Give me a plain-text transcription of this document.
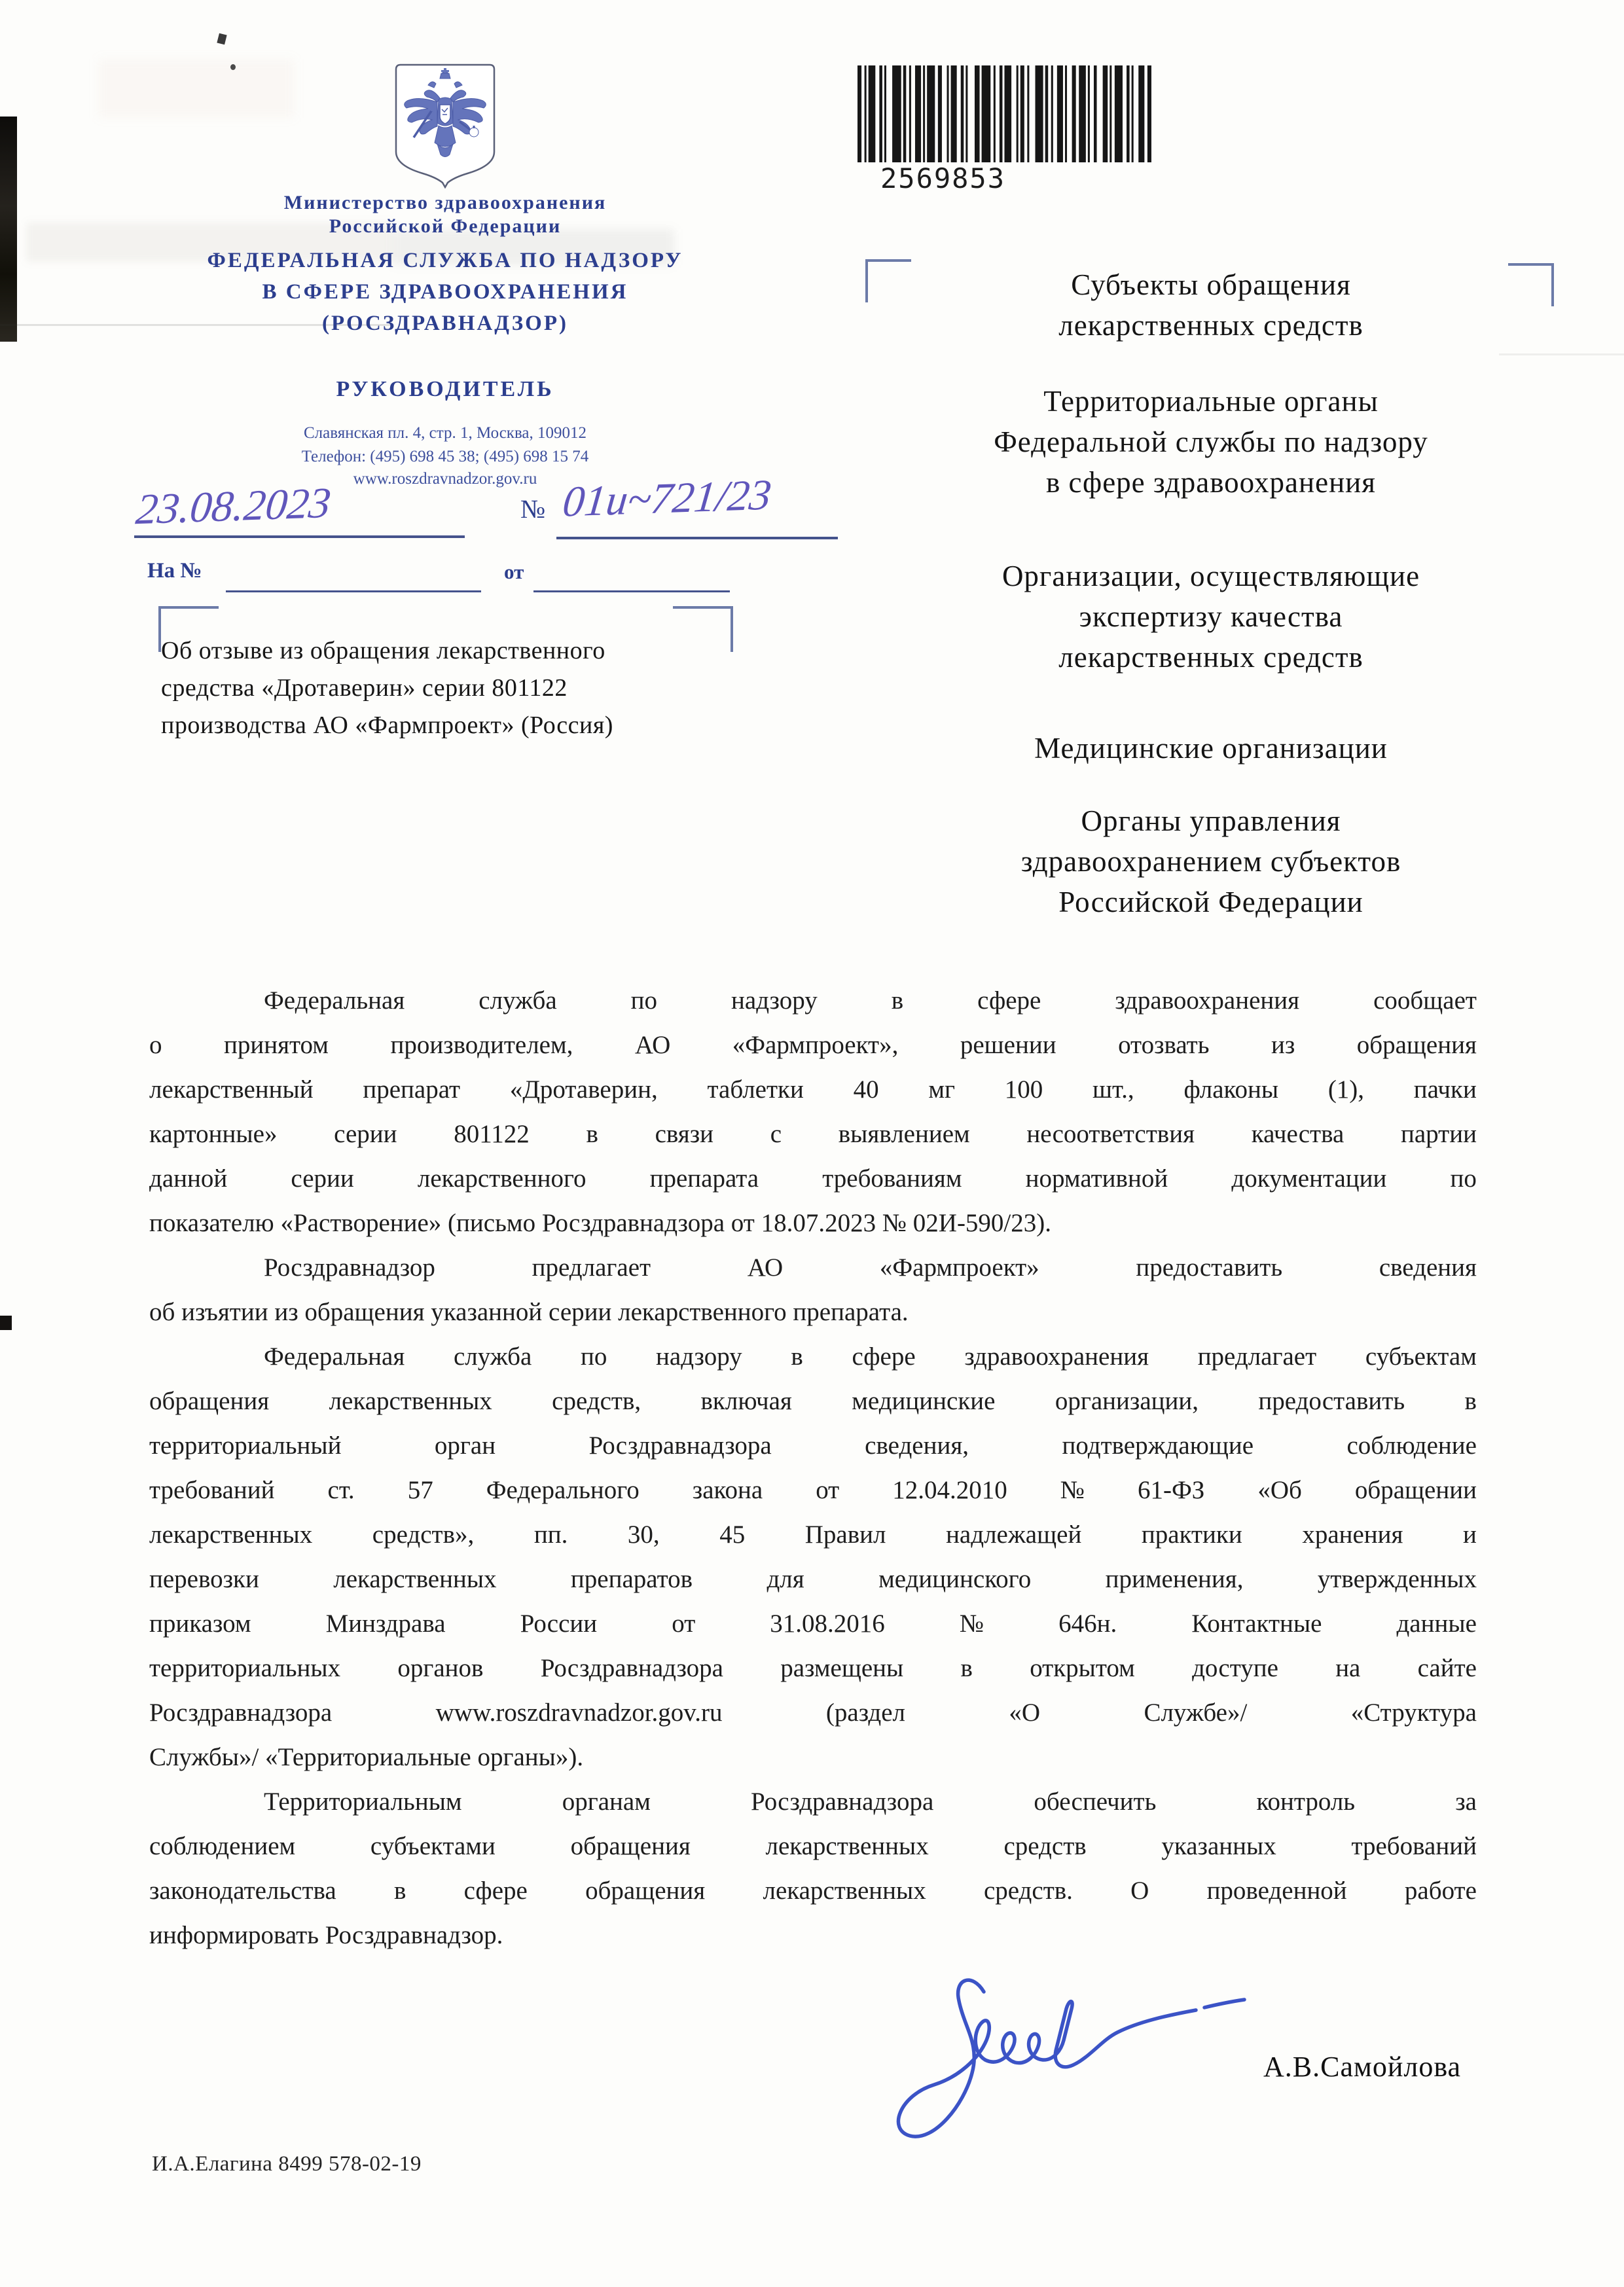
Министерство здравоохранения
Российской Федерации
ФЕДЕРАЛЬНАЯ СЛУЖБА ПО НАДЗОРУ
В СФЕРЕ ЗДРАВООХРАНЕНИЯ
(РОСЗДРАВНАДЗОР)
РУКОВОДИТЕЛЬ
Славянская пл. 4, стр. 1, Москва, 109012
Телефон: (495) 698 45 38; (495) 698 15 74
www.roszdravnadzor.gov.ru
23.08.2023	№ 01и~721/23
На №	от
Об отзыве из обращения лекарственного
средства «Дротаверин» серии 801122
производства АО «Фармпроект» (Россия)
2569853
Субъекты обращения
лекарственных средств
Территориальные органы
Федеральной службы по надзору
в сфере здравоохранения
Организации, осуществляющие
экспертизу качества
лекарственных средств
Медицинские организации
Органы управления
здравоохранением субъектов
Российской Федерации
Федеральная	служба	по	надзору	в	сфере	здравоохранения	сообщает
о принятом производителем, АО «Фармпроект», решении отозвать из обращения
лекарственный препарат «Дротаверин, таблетки 40 мг 100 шт., флаконы (1), пачки
картонные» серии 801122 в связи с выявлением несоответствия качества партии
данной серии лекарственного препарата требованиям нормативной документации по
показателю «Растворение» (письмо Росздравнадзора от 18.07.2023 № 02И-590/23).
Росздравнадзор	предлагает	АО	«Фармпроект»	предоставить	сведения
об изъятии из обращения указанной серии лекарственного препарата.
Федеральная служба по надзору в сфере здравоохранения предлагает субъектам
обращения лекарственных средств, включая медицинские организации, предоставить в
территориальный	орган	Росздравнадзора	сведения,	подтверждающие	соблюдение
требований ст. 57 Федерального закона от 12.04.2010 № 61-ФЗ «Об обращении
лекарственных средств», пп. 30, 45 Правил надлежащей практики хранения и
перевозки	лекарственных	препаратов	для	медицинского	применения,	утвержденных
приказом	Минздрава	России	от	31.08.2016	№	646н.	Контактные	данные
территориальных органов Росздравнадзора размещены в открытом доступе на сайте
Росздравнадзора	www.roszdravnadzor.gov.ru	(раздел	«О	Службе»/	«Структура
Службы»/ «Территориальные органы»).
Территориальным	органам	Росздравнадзора	обеспечить	контроль	за
соблюдением	субъектами	обращения	лекарственных	средств	указанных	требований
законодательства в сфере обращения лекарственных средств. О проведенной работе
информировать Росздравнадзор.
А.В.Самойлова
И.А.Елагина 8499 578-02-19
